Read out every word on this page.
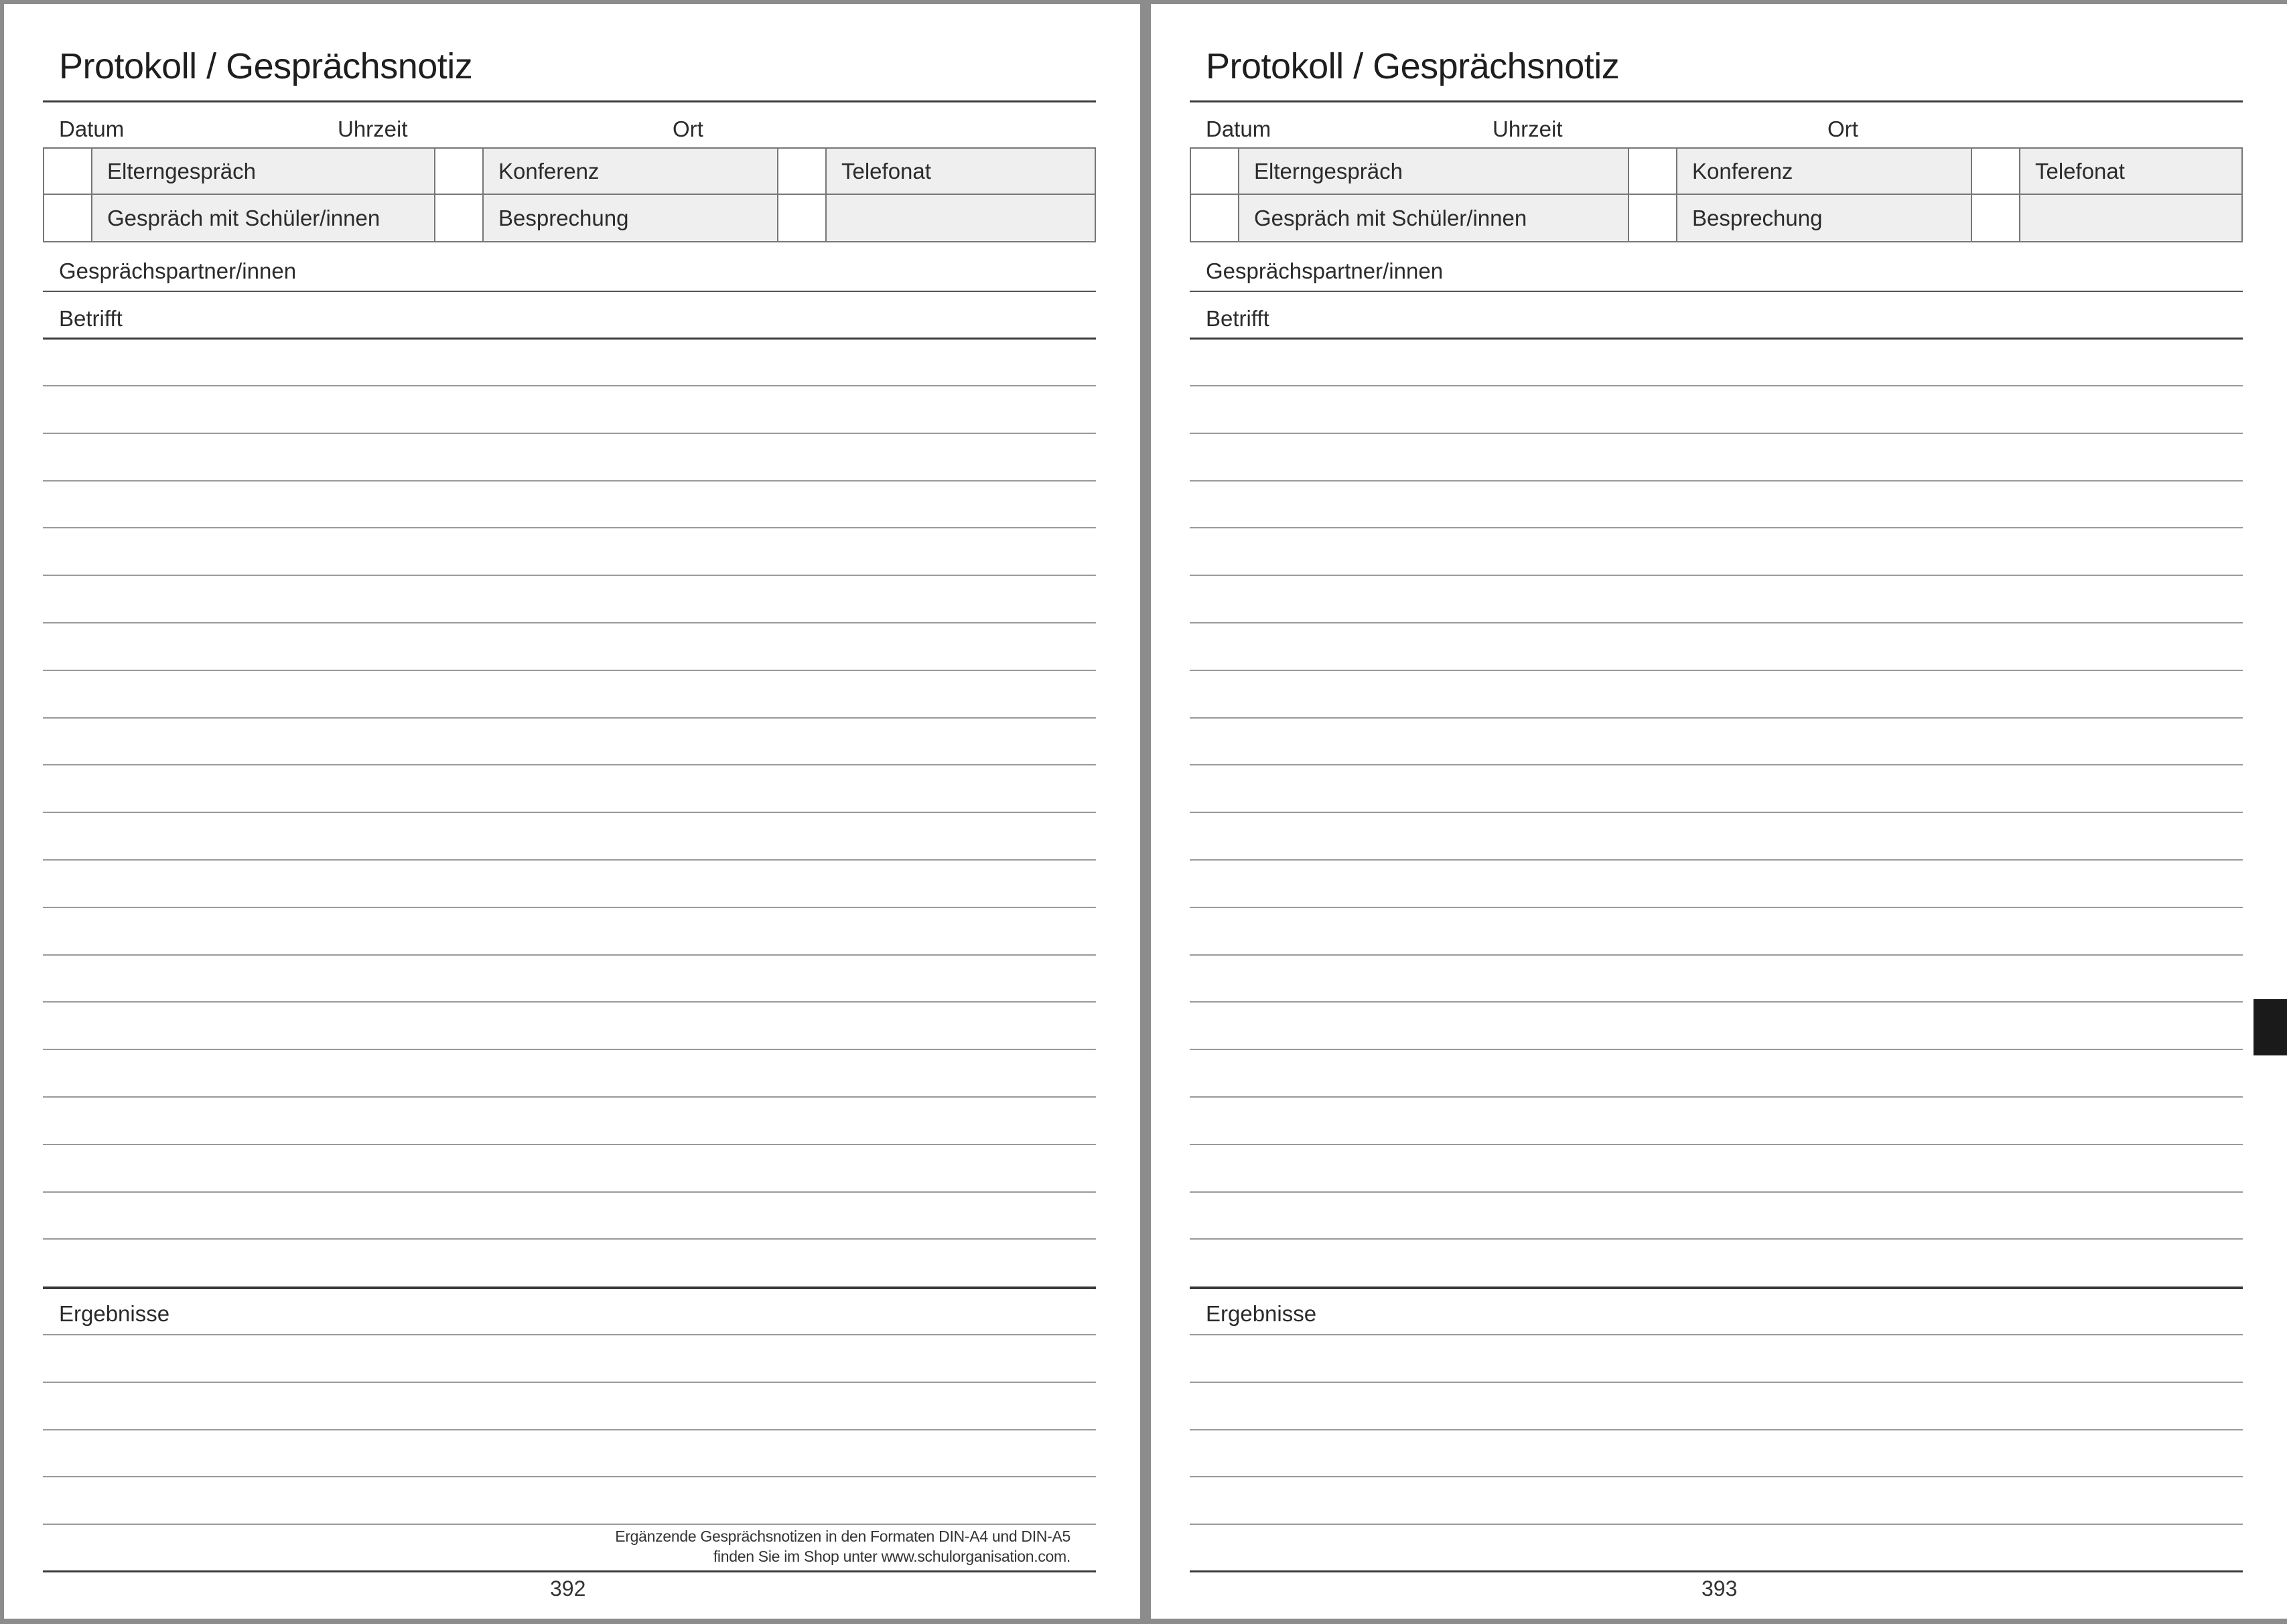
Protokoll / Gesprächsnotiz
Datum	Uhrzeit	Ort
Elterngespräch	Konferenz	Telefonat
Gespräch mit Schüler/innen	Besprechung
Gesprächspartner/innen
Betrifft
Ergebnisse
Ergänzende Gesprächsnotizen in den Formaten DIN-A4 und DIN-A5
finden Sie im Shop unter www.schulorganisation.com.
392
Protokoll / Gesprächsnotiz
Datum	Uhrzeit	Ort
Elterngespräch	Konferenz	Telefonat
Gespräch mit Schüler/innen	Besprechung
Gesprächspartner/innen
Betrifft
Ergebnisse
393
